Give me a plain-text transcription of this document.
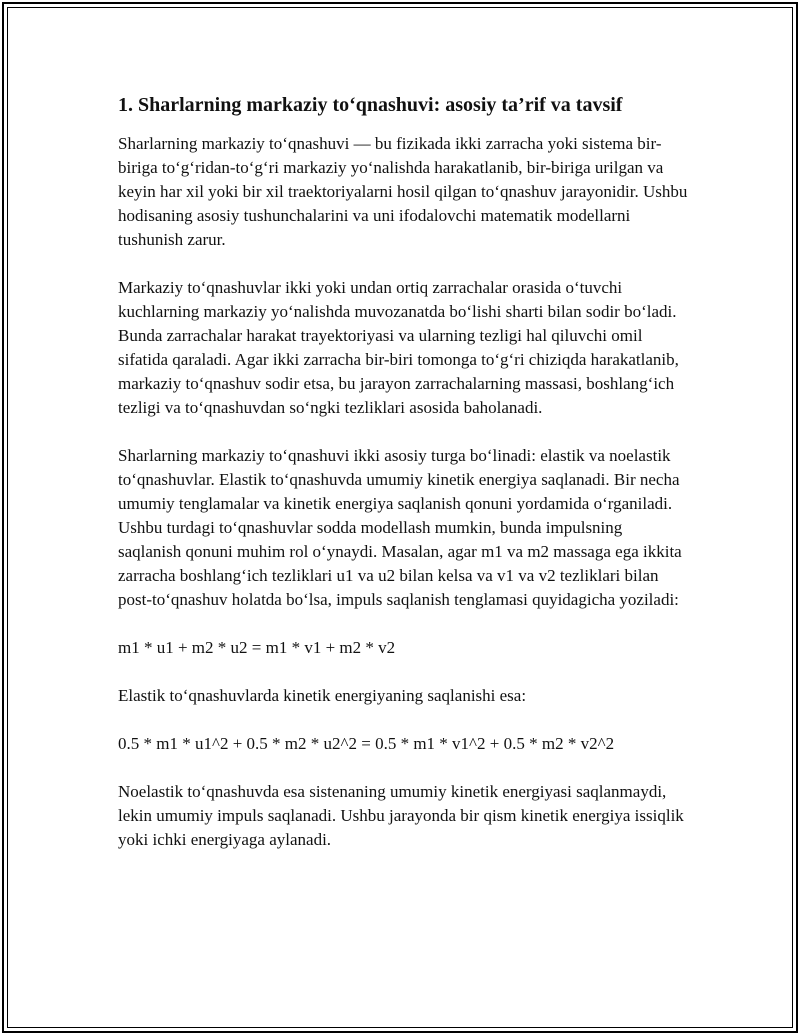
1. Sharlarning markaziy to‘qnashuvi: asosiy ta’rif va tavsif

Sharlarning markaziy to‘qnashuvi — bu fizikada ikki zarracha yoki sistema bir-biriga to‘g‘ridan-to‘g‘ri markaziy yo‘nalishda harakatlanib, bir-biriga urilgan va keyin har xil yoki bir xil traektoriyalarni hosil qilgan to‘qnashuv jarayonidir. Ushbu hodisaning asosiy tushunchalarini va uni ifodalovchi matematik modellarni tushunish zarur.

Markaziy to‘qnashuvlar ikki yoki undan ortiq zarrachalar orasida o‘tuvchi kuchlarning markaziy yo‘nalishda muvozanatda bo‘lishi sharti bilan sodir bo‘ladi. Bunda zarrachalar harakat trayektoriyasi va ularning tezligi hal qiluvchi omil sifatida qaraladi. Agar ikki zarracha bir-biri tomonga to‘g‘ri chiziqda harakatlanib, markaziy to‘qnashuv sodir etsa, bu jarayon zarrachalarning massasi, boshlang‘ich tezligi va to‘qnashuvdan so‘ngki tezliklari asosida baholanadi.

Sharlarning markaziy to‘qnashuvi ikki asosiy turga bo‘linadi: elastik va noelastik to‘qnashuvlar. Elastik to‘qnashuvda umumiy kinetik energiya saqlanadi. Bir necha umumiy tenglamalar va kinetik energiya saqlanish qonuni yordamida o‘rganiladi. Ushbu turdagi to‘qnashuvlar sodda modellash mumkin, bunda impulsning saqlanish qonuni muhim rol o‘ynaydi. Masalan, agar m1 va m2 massaga ega ikkita zarracha boshlang‘ich tezliklari u1 va u2 bilan kelsa va v1 va v2 tezliklari bilan post-to‘qnashuv holatda bo‘lsa, impuls saqlanish tenglamasi quyidagicha yoziladi:

m1 * u1 + m2 * u2 = m1 * v1 + m2 * v2

Elastik to‘qnashuvlarda kinetik energiyaning saqlanishi esa:

0.5 * m1 * u1^2 + 0.5 * m2 * u2^2 = 0.5 * m1 * v1^2 + 0.5 * m2 * v2^2

Noelastik to‘qnashuvda esa sistenaning umumiy kinetik energiyasi saqlanmaydi, lekin umumiy impuls saqlanadi. Ushbu jarayonda bir qism kinetik energiya issiqlik yoki ichki energiyaga aylanadi.
